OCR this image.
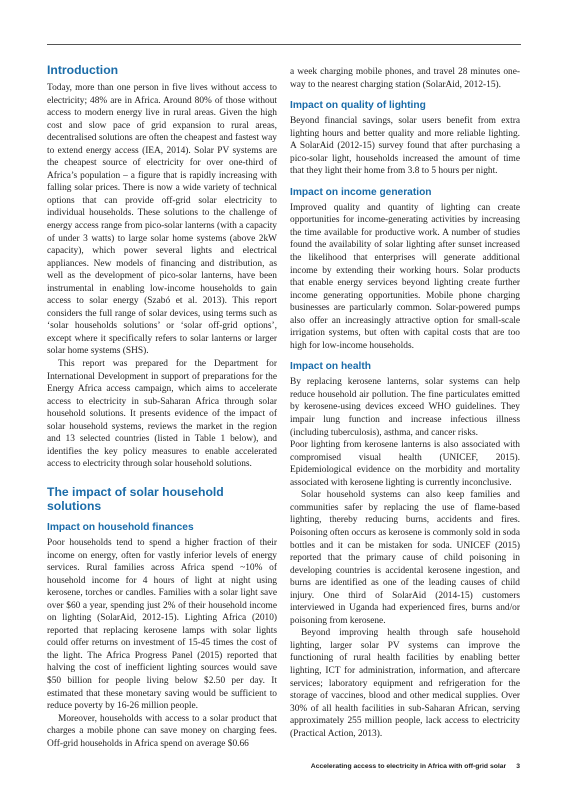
Introduction

Today, more than one person in five lives without access to electricity; 48% are in Africa. Around 80% of those without access to modern energy live in rural areas. Given the high cost and slow pace of grid expansion to rural areas, decentralised solutions are often the cheapest and fastest way to extend energy access (IEA, 2014). Solar PV systems are the cheapest source of electricity for over one-third of Africa’s population – a figure that is rapidly increasing with falling solar prices. There is now a wide variety of technical options that can provide off-grid solar electricity to individual households. These solutions to the challenge of energy access range from pico-solar lanterns (with a capacity of under 3 watts) to large solar home systems (above 2kW capacity), which power several lights and electrical appliances. New models of financing and distribution, as well as the development of pico-solar lanterns, have been instrumental in enabling low-income households to gain access to solar energy (Szabó et al. 2013). This report considers the full range of solar devices, using terms such as ‘solar households solutions’ or ‘solar off-grid options’, except where it specifically refers to solar lanterns or larger solar home systems (SHS).

This report was prepared for the Department for International Development in support of preparations for the Energy Africa access campaign, which aims to accelerate access to electricity in sub-Saharan Africa through solar household solutions. It presents evidence of the impact of solar household systems, reviews the market in the region and 13 selected countries (listed in Table 1 below), and identifies the key policy measures to enable accelerated access to electricity through solar household solutions.

The impact of solar household solutions
Impact on household finances

Poor households tend to spend a higher fraction of their income on energy, often for vastly inferior levels of energy services. Rural families across Africa spend ~10% of household income for 4 hours of light at night using kerosene, torches or candles. Families with a solar light save over $60 a year, spending just 2% of their household income on lighting (SolarAid, 2012-15). Lighting Africa (2010) reported that replacing kerosene lamps with solar lights could offer returns on investment of 15-45 times the cost of the light. The Africa Progress Panel (2015) reported that halving the cost of inefficient lighting sources would save $50 billion for people living below $2.50 per day. It estimated that these monetary saving would be sufficient to reduce poverty by 16-26 million people.

Moreover, households with access to a solar product that charges a mobile phone can save money on charging fees. Off-grid households in Africa spend on average $0.66

a week charging mobile phones, and travel 28 minutes one-way to the nearest charging station (SolarAid, 2012-15).

Impact on quality of lighting

Beyond financial savings, solar users benefit from extra lighting hours and better quality and more reliable lighting. A SolarAid (2012-15) survey found that after purchasing a pico-solar light, households increased the amount of time that they light their home from 3.8 to 5 hours per night.

Impact on income generation

Improved quality and quantity of lighting can create opportunities for income-generating activities by increasing the time available for productive work. A number of studies found the availability of solar lighting after sunset increased the likelihood that enterprises will generate additional income by extending their working hours. Solar products that enable energy services beyond lighting create further income generating opportunities. Mobile phone charging businesses are particularly common. Solar-powered pumps also offer an increasingly attractive option for small-scale irrigation systems, but often with capital costs that are too high for low-income households.

Impact on health

By replacing kerosene lanterns, solar systems can help reduce household air pollution. The fine particulates emitted by kerosene-using devices exceed WHO guidelines. They impair lung function and increase infectious illness (including tuberculosis), asthma, and cancer risks.

Poor lighting from kerosene lanterns is also associated with compromised visual health (UNICEF, 2015). Epidemiological evidence on the morbidity and mortality associated with kerosene lighting is currently inconclusive.

Solar household systems can also keep families and communities safer by replacing the use of flame-based lighting, thereby reducing burns, accidents and fires. Poisoning often occurs as kerosene is commonly sold in soda bottles and it can be mistaken for soda. UNICEF (2015) reported that the primary cause of child poisoning in developing countries is accidental kerosene ingestion, and burns are identified as one of the leading causes of child injury. One third of SolarAid (2014-15) customers interviewed in Uganda had experienced fires, burns and/or poisoning from kerosene.

Beyond improving health through safe household lighting, larger solar PV systems can improve the functioning of rural health facilities by enabling better lighting, ICT for administration, information, and aftercare services; laboratory equipment and refrigeration for the storage of vaccines, blood and other medical supplies. Over 30% of all health facilities in sub-Saharan African, serving approximately 255 million people, lack access to electricity (Practical Action, 2013).

Accelerating access to electricity in Africa with off-grid solar 3
